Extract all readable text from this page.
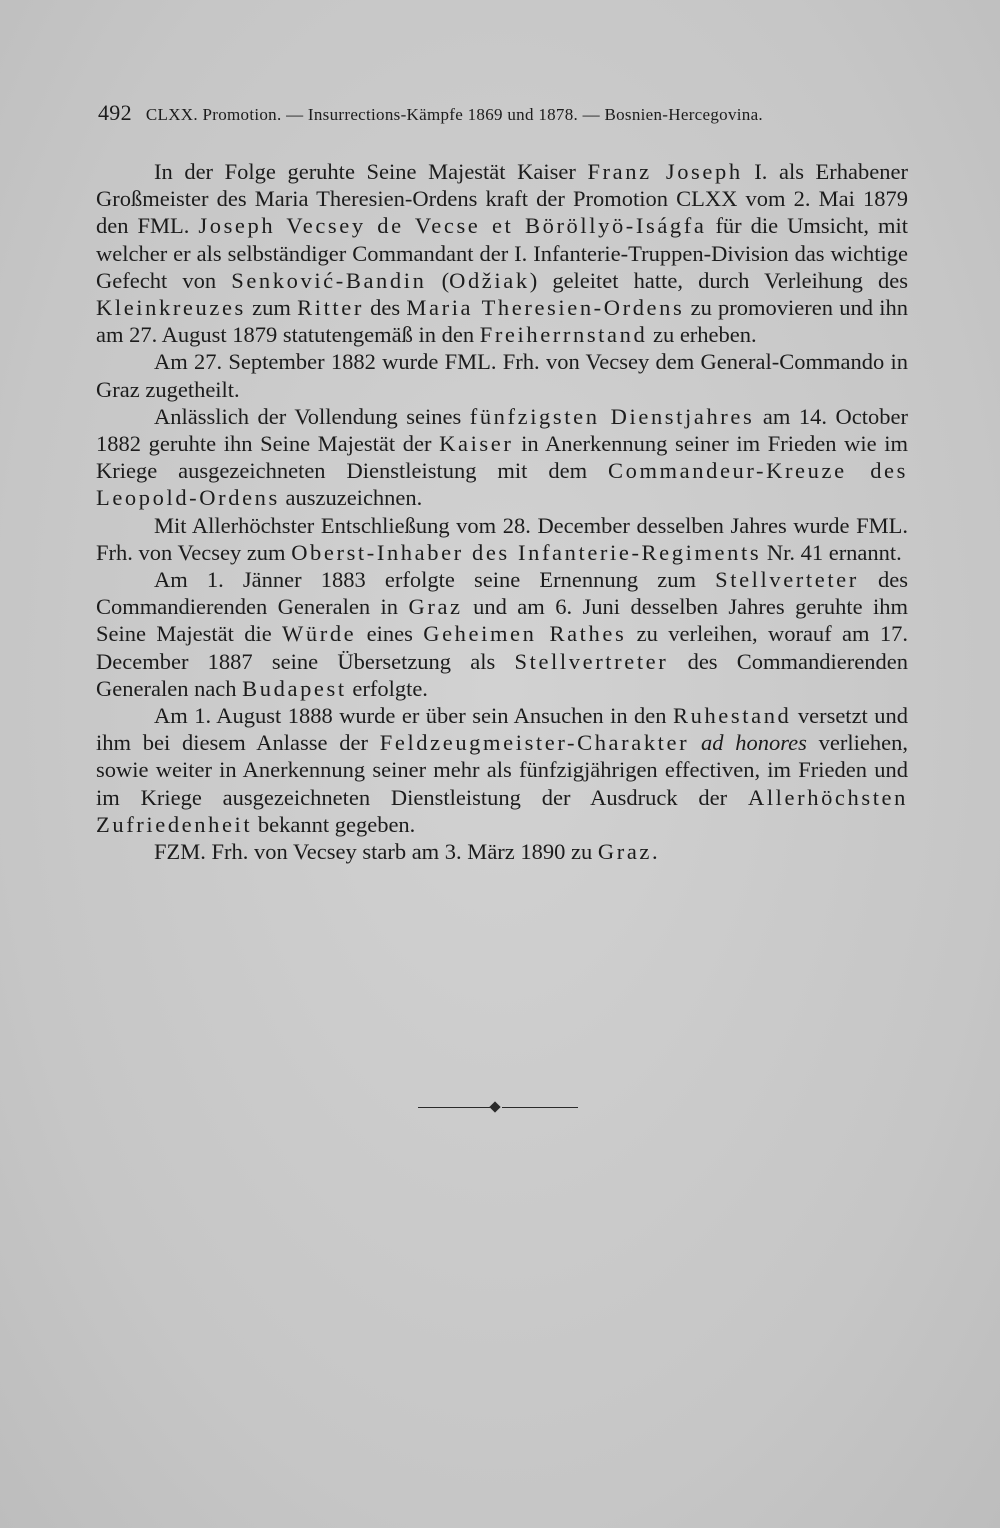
492 CLXX. Promotion. — Insurrections-Kämpfe 1869 und 1878. — Bosnien-Hercegovina.

In der Folge geruhte Seine Majestät Kaiser Franz Joseph I. als Erhabener Großmeister des Maria Theresien-Ordens kraft der Promotion CLXX vom 2. Mai 1879 den FML. Joseph Vecsey de Vecse et Böröllyö-Iságfa für die Umsicht, mit welcher er als selbständiger Commandant der I. Infanterie-Truppen-Division das wichtige Gefecht von Senković-Bandin (Odžiak) geleitet hatte, durch Verleihung des Kleinkreuzes zum Ritter des Maria Theresien-Ordens zu promovieren und ihn am 27. August 1879 statutengemäß in den Freiherrnstand zu erheben.

Am 27. September 1882 wurde FML. Frh. von Vecsey dem General-Commando in Graz zugetheilt.

Anlässlich der Vollendung seines fünfzigsten Dienstjahres am 14. October 1882 geruhte ihn Seine Majestät der Kaiser in Anerkennung seiner im Frieden wie im Kriege ausgezeichneten Dienstleistung mit dem Commandeur-Kreuze des Leopold-Ordens auszuzeichnen.

Mit Allerhöchster Entschließung vom 28. December desselben Jahres wurde FML. Frh. von Vecsey zum Oberst-Inhaber des Infanterie-Regiments Nr. 41 ernannt.

Am 1. Jänner 1883 erfolgte seine Ernennung zum Stellverteter des Commandierenden Generalen in Graz und am 6. Juni desselben Jahres geruhte ihm Seine Majestät die Würde eines Geheimen Rathes zu verleihen, worauf am 17. December 1887 seine Übersetzung als Stellvertreter des Commandierenden Generalen nach Budapest erfolgte.

Am 1. August 1888 wurde er über sein Ansuchen in den Ruhestand versetzt und ihm bei diesem Anlasse der Feldzeugmeister-Charakter ad honores verliehen, sowie weiter in Anerkennung seiner mehr als fünfzigjährigen effectiven, im Frieden und im Kriege ausgezeichneten Dienstleistung der Ausdruck der Allerhöchsten Zufriedenheit bekannt gegeben.

FZM. Frh. von Vecsey starb am 3. März 1890 zu Graz.
